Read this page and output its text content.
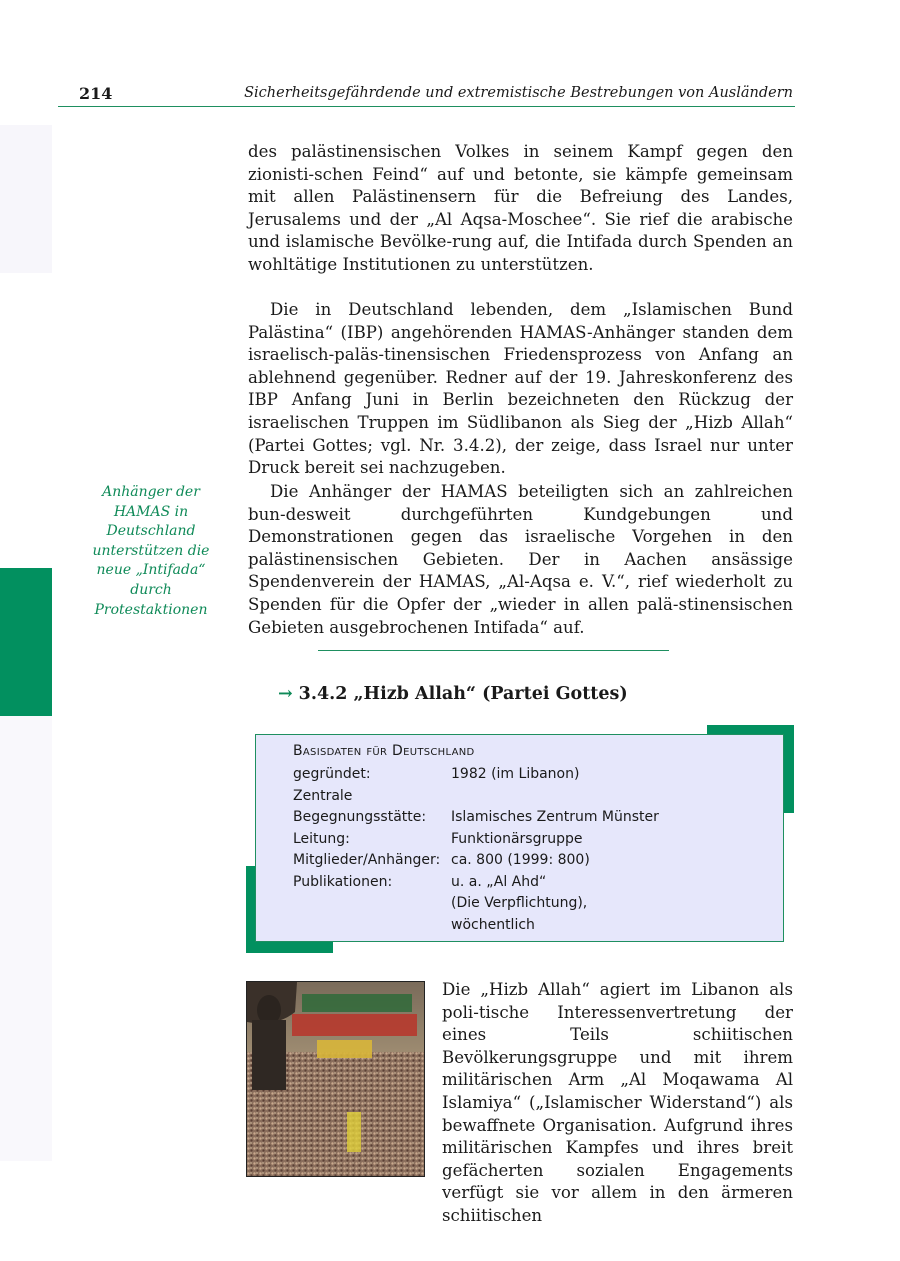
214	Sicherheitsgefährdende und extremistische Bestrebungen von Ausländern

des palästinensischen Volkes in seinem Kampf gegen den zionisti-schen Feind“ auf und betonte, sie kämpfe gemeinsam mit allen Palästinensern für die Befreiung des Landes, Jerusalems und der „Al Aqsa-Moschee“. Sie rief die arabische und islamische Bevölke-rung auf, die Intifada durch Spenden an wohltätige Institutionen zu unterstützen.

Die in Deutschland lebenden, dem „Islamischen Bund Palästina“ (IBP) angehörenden HAMAS-Anhänger standen dem israelisch-paläs-tinensischen Friedensprozess von Anfang an ablehnend gegenüber. Redner auf der 19. Jahreskonferenz des IBP Anfang Juni in Berlin bezeichneten den Rückzug der israelischen Truppen im Südlibanon als Sieg der „Hizb Allah“ (Partei Gottes; vgl. Nr. 3.4.2), der zeige, dass Israel nur unter Druck bereit sei nachzugeben.

Die Anhänger der HAMAS beteiligten sich an zahlreichen bun-desweit durchgeführten Kundgebungen und Demonstrationen gegen das israelische Vorgehen in den palästinensischen Gebieten. Der in Aachen ansässige Spendenverein der HAMAS, „Al-Aqsa e. V.“, rief wiederholt zu Spenden für die Opfer der „wieder in allen palä-stinensischen Gebieten ausgebrochenen Intifada“ auf.

Anhänger der HAMAS in Deutschland unterstützen die neue „Intifada“ durch Protestaktionen
→ 3.4.2 „Hizb Allah“ (Partei Gottes)
Basisdaten für Deutschland
gegründet:	1982 (im Libanon)
Zentrale
Begegnungsstätte:	Islamisches Zentrum Münster
Leitung:	Funktionärsgruppe
Mitglieder/Anhänger: ca. 800 (1999: 800)
Publikationen:	u. a. „Al Ahd“
(Die Verpflichtung),
wöchentlich

Die „Hizb Allah“ agiert im Libanon als poli-tische Interessenvertretung der eines Teils schiitischen Bevölkerungsgruppe und mit ihrem militärischen Arm „Al Moqawama Al Islamiya“ („Islamischer Widerstand“) als bewaffnete Organisation. Aufgrund ihres militärischen Kampfes und ihres breit gefächerten sozialen Engagements verfügt sie vor allem in den ärmeren schiitischen
